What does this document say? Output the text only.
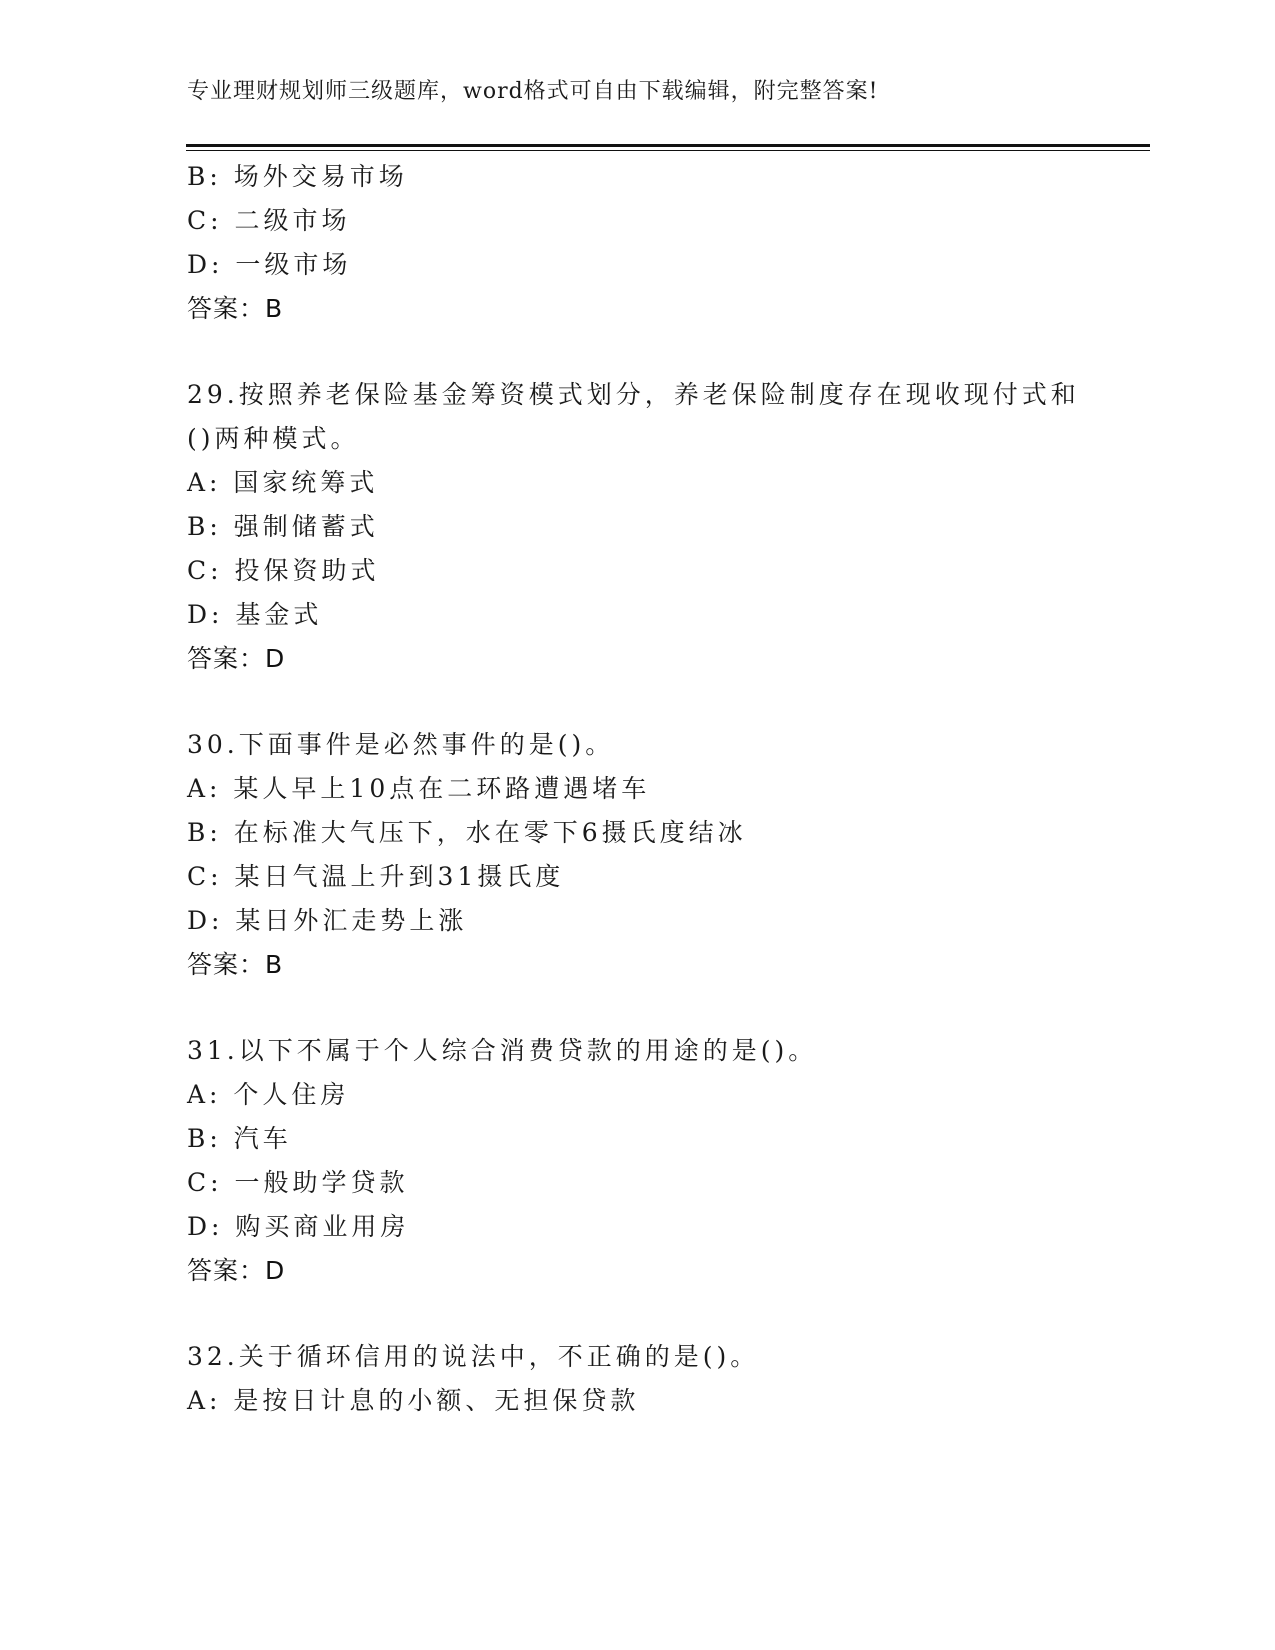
专业理财规划师三级题库，word格式可自由下载编辑，附完整答案!
B: 场外交易市场
C: 二级市场
D: 一级市场
答案：B
29.按照养老保险基金筹资模式划分，养老保险制度存在现收现付式和
()两种模式。
A: 国家统筹式
B: 强制储蓄式
C: 投保资助式
D: 基金式
答案：D
30.下面事件是必然事件的是()。
A: 某人早上10点在二环路遭遇堵车
B: 在标准大气压下，水在零下6摄氏度结冰
C: 某日气温上升到31摄氏度
D: 某日外汇走势上涨
答案：B
31.以下不属于个人综合消费贷款的用途的是()。
A: 个人住房
B: 汽车
C: 一般助学贷款
D: 购买商业用房
答案：D
32.关于循环信用的说法中，不正确的是()。
A: 是按日计息的小额、无担保贷款
